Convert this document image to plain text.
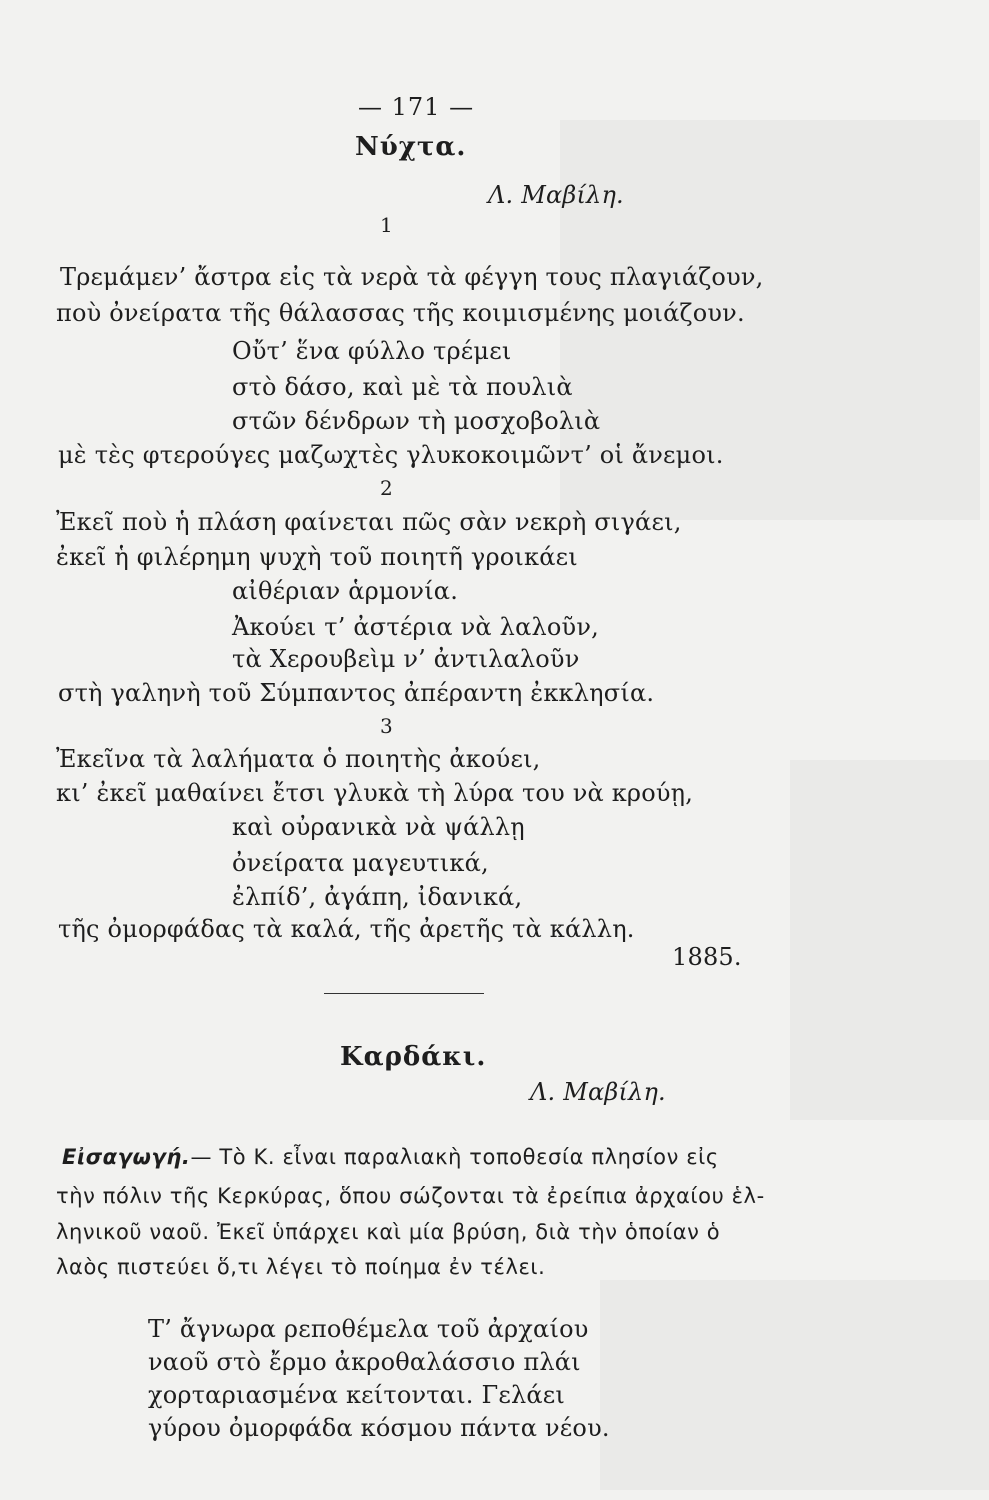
— 171 —
Νύχτα.
Λ. Μαβίλη.
1
Τρεμάμεν’ ἄστρα εἰς τὰ νερὰ τὰ φέγγη τους πλαγιάζουν,
ποὺ ὀνείρατα τῆς θάλασσας τῆς κοιμισμένης μοιάζουν.
Οὔτ’ ἕνα φύλλο τρέμει
στὸ δάσο, καὶ μὲ τὰ πουλιὰ
στῶν δένδρων τὴ μοσχοβολιὰ
μὲ τὲς φτερούγες μαζωχτὲς γλυκοκοιμῶντ’ οἱ ἄνεμοι.
2
Ἐκεῖ ποὺ ἡ πλάση φαίνεται πῶς σὰν νεκρὴ σιγάει,
ἐκεῖ ἡ φιλέρημη ψυχὴ τοῦ ποιητῆ γροικάει
αἰθέριαν ἁρμονία.
Ἀκούει τ’ ἀστέρια νὰ λαλοῦν,
τὰ Χερουβεὶμ ν’ ἀντιλαλοῦν
στὴ γαληνὴ τοῦ Σύμπαντος ἀπέραντη ἐκκλησία.
3
Ἐκεῖνα τὰ λαλήματα ὁ ποιητὴς ἀκούει,
κι’ ἐκεῖ μαθαίνει ἔτσι γλυκὰ τὴ λύρα του νὰ κρούῃ,
καὶ οὐρανικὰ νὰ ψάλλῃ
ὀνείρατα μαγευτικά,
ἐλπίδ’, ἀγάπη, ἰδανικά,
τῆς ὀμορφάδας τὰ καλά, τῆς ἀρετῆς τὰ κάλλη.
1885.
Καρδάκι.
Λ. Μαβίλη.
Εἰσαγωγή.— Τὸ Κ. εἶναι παραλιακὴ τοποθεσία πλησίον εἰς
τὴν πόλιν τῆς Κερκύρας, ὅπου σώζονται τὰ ἐρείπια ἀρχαίου ἑλ-
ληνικοῦ ναοῦ. Ἐκεῖ ὑπάρχει καὶ μία βρύση, διὰ τὴν ὁποίαν ὁ
λαὸς πιστεύει ὅ,τι λέγει τὸ ποίημα ἐν τέλει.
Τ’ ἄγνωρα ρεποθέμελα τοῦ ἀρχαίου
ναοῦ στὸ ἔρμο ἀκροθαλάσσιο πλάι
χορταριασμένα κείτονται. Γελάει
γύρου ὀμορφάδα κόσμου πάντα νέου.
